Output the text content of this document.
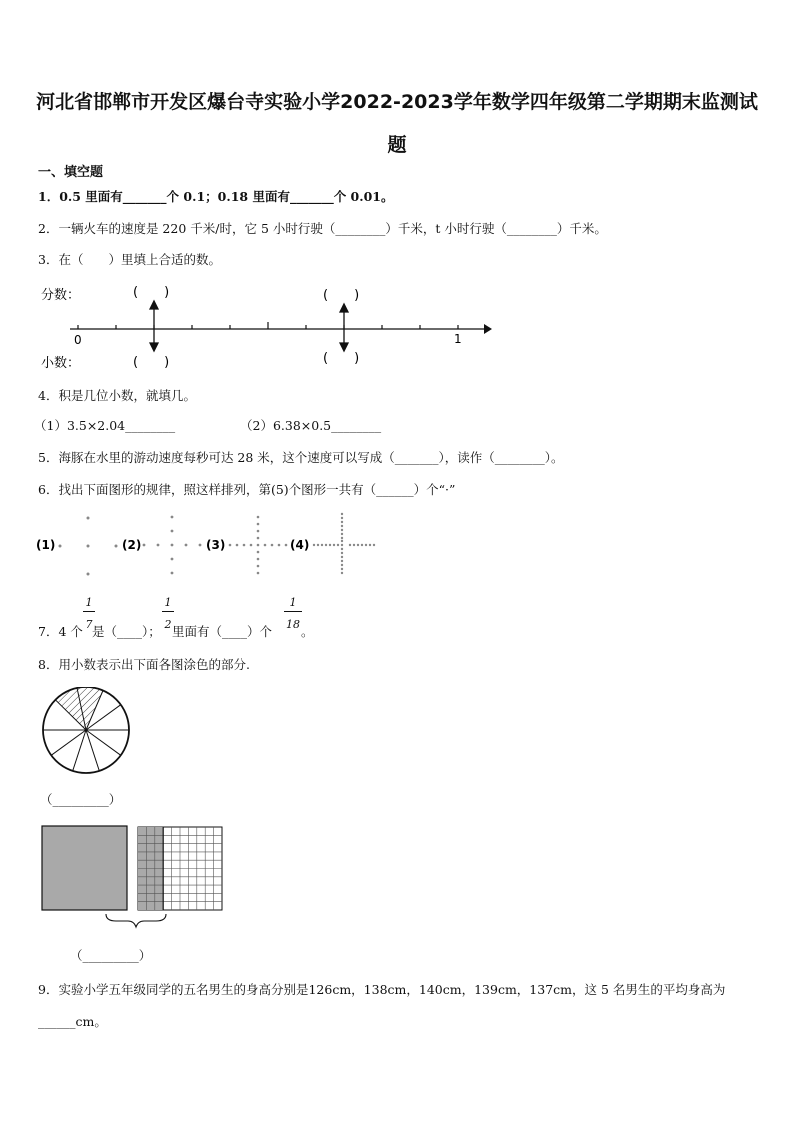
河北省邯郸市开发区爆台寺实验小学2022-2023学年数学四年级第二学期期末监测试
题
一、填空题
1．0.5 里面有_______个 0.1；0.18 里面有_______个 0.01。
2．一辆火车的速度是 220 千米/时，它 5 小时行驶（________）千米，t 小时行驶（________）千米。
3．在（　　）里填上合适的数。
分数：
小数：
(　　)	(　　)
(　　)	(　　)
0	1
4．积是几位小数，就填几。
（1）3.5×2.04________	（2）6.38×0.5________
5．海豚在水里的游动速度每秒可达 28 米，这个速度可以写成（_______），读作（________）。
6．找出下面图形的规律，照这样排列，第(5)个图形一共有（______）个“·”
(1)	(2)	(3)	(4)
7．4 个
1
7 是（____）；
1
2 里面有（____）个
1
18 。
8．用小数表示出下面各图涂色的部分.
（_________）
（_________）
9．实验小学五年级同学的五名男生的身高分别是126cm，138cm，140cm，139cm，137cm，这 5 名男生的平均身高为
______cm。
